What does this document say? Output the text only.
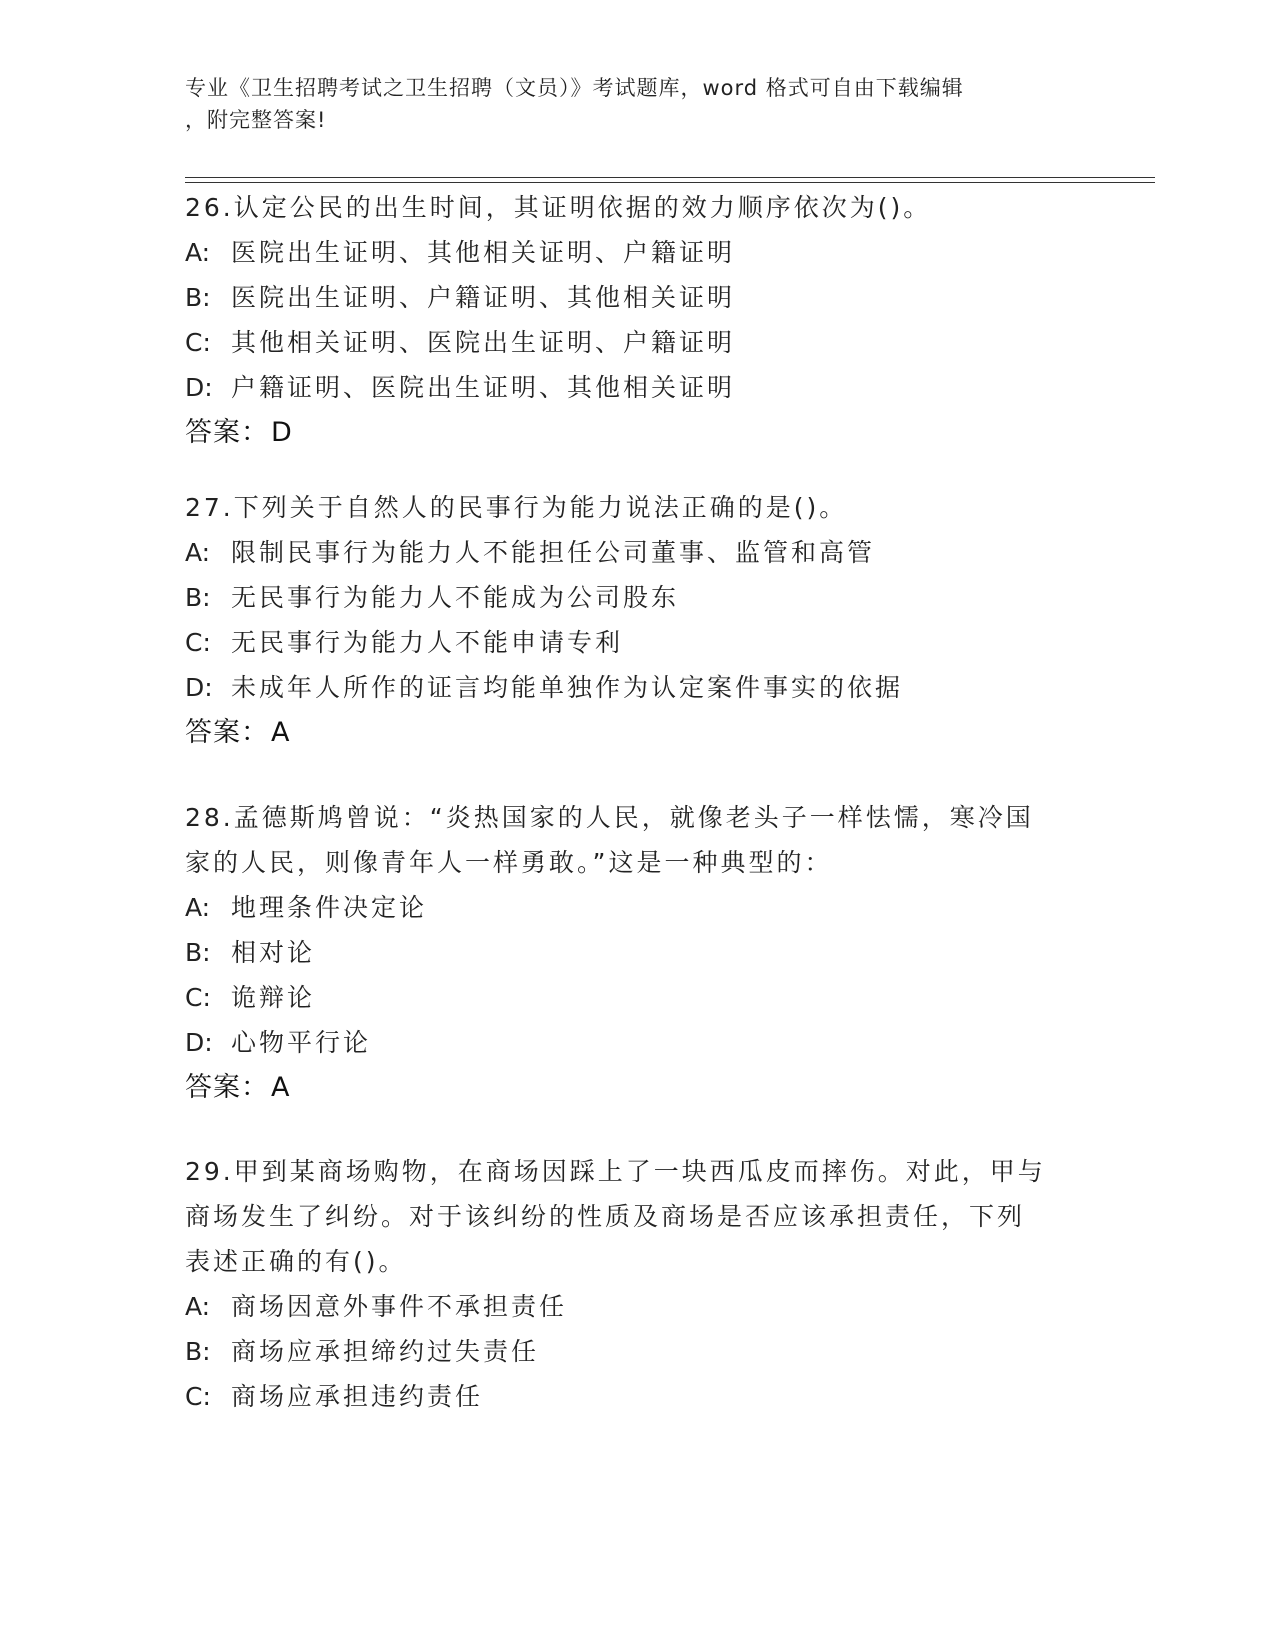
专业《卫生招聘考试之卫生招聘（文员）》考试题库，word 格式可自由下载编辑
，附完整答案!
26.认定公民的出生时间，其证明依据的效力顺序依次为()。
A: 医院出生证明、其他相关证明、户籍证明
B: 医院出生证明、户籍证明、其他相关证明
C: 其他相关证明、医院出生证明、户籍证明
D: 户籍证明、医院出生证明、其他相关证明
答案：D
27.下列关于自然人的民事行为能力说法正确的是()。
A: 限制民事行为能力人不能担任公司董事、监管和高管
B: 无民事行为能力人不能成为公司股东
C: 无民事行为能力人不能申请专利
D: 未成年人所作的证言均能单独作为认定案件事实的依据
答案：A
28.孟德斯鸠曾说：“炎热国家的人民，就像老头子一样怯懦，寒冷国
家的人民，则像青年人一样勇敢。”这是一种典型的：
A: 地理条件决定论
B: 相对论
C: 诡辩论
D: 心物平行论
答案：A
29.甲到某商场购物，在商场因踩上了一块西瓜皮而摔伤。对此，甲与
商场发生了纠纷。对于该纠纷的性质及商场是否应该承担责任，下列
表述正确的有()。
A: 商场因意外事件不承担责任
B: 商场应承担缔约过失责任
C: 商场应承担违约责任
